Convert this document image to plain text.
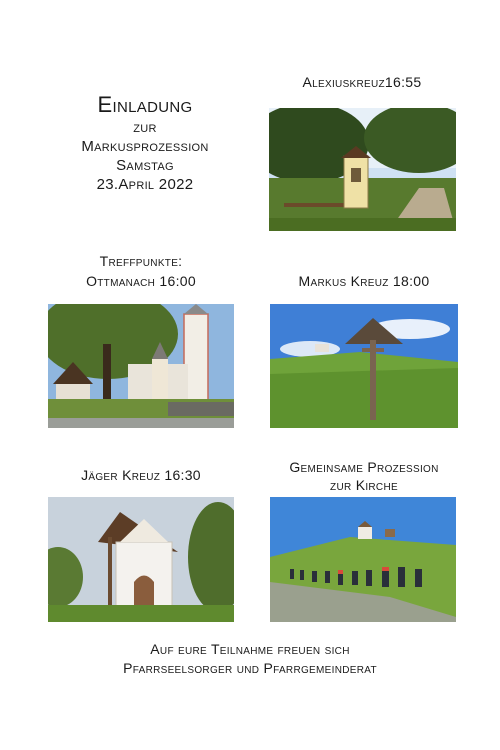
Einladung
zur
Markusprozession
Samstag
23.April 2022
Alexiuskreuz16:55
Treffpunkte:
Ottmanach 16:00	Markus Kreuz 18:00
Jäger Kreuz 16:30	Gemeinsame Prozession
zur Kirche
Auf eure Teilnahme freuen sich
Pfarrseelsorger und Pfarrgemeinderat
